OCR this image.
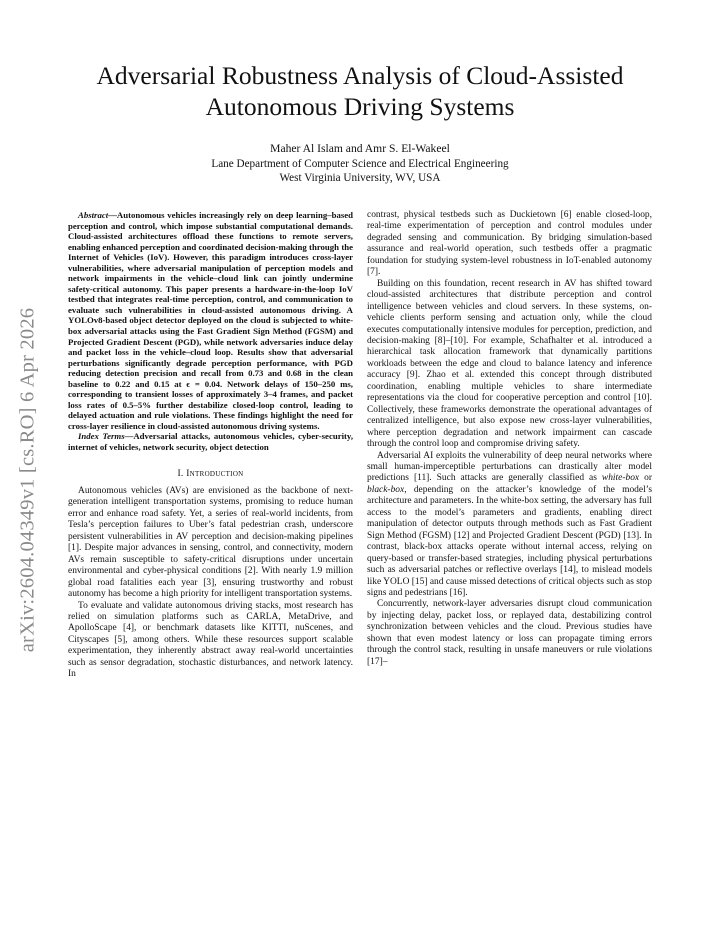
arXiv:2604.04349v1 [cs.RO] 6 Apr 2026
Adversarial Robustness Analysis of Cloud-Assisted
Autonomous Driving Systems
Maher Al Islam and Amr S. El-Wakeel
Lane Department of Computer Science and Electrical Engineering
West Virginia University, WV, USA

Abstract—Autonomous vehicles increasingly rely on deep learning–based perception and control, which impose substantial computational demands. Cloud-assisted architectures offload these functions to remote servers, enabling enhanced perception and coordinated decision-making through the Internet of Vehicles (IoV). However, this paradigm introduces cross-layer vulnerabilities, where adversarial manipulation of perception models and network impairments in the vehicle–cloud link can jointly undermine safety-critical autonomy. This paper presents a hardware-in-the-loop IoV testbed that integrates real-time perception, control, and communication to evaluate such vulnerabilities in cloud-assisted autonomous driving. A YOLOv8-based object detector deployed on the cloud is subjected to white-box adversarial attacks using the Fast Gradient Sign Method (FGSM) and Projected Gradient Descent (PGD), while network adversaries induce delay and packet loss in the vehicle–cloud loop. Results show that adversarial perturbations significantly degrade perception performance, with PGD reducing detection precision and recall from 0.73 and 0.68 in the clean baseline to 0.22 and 0.15 at ϵ = 0.04. Network delays of 150–250 ms, corresponding to transient losses of approximately 3–4 frames, and packet loss rates of 0.5–5% further destabilize closed-loop control, leading to delayed actuation and rule violations. These findings highlight the need for cross-layer resilience in cloud-assisted autonomous driving systems.

Index Terms—Adversarial attacks, autonomous vehicles, cyber-security, internet of vehicles, network security, object detection

I. Introduction

Autonomous vehicles (AVs) are envisioned as the backbone of next-generation intelligent transportation systems, promising to reduce human error and enhance road safety. Yet, a series of real-world incidents, from Tesla’s perception failures to Uber’s fatal pedestrian crash, underscore persistent vulnerabilities in AV perception and decision-making pipelines [1]. Despite major advances in sensing, control, and connectivity, modern AVs remain susceptible to safety-critical disruptions under uncertain environmental and cyber-physical conditions [2]. With nearly 1.9 million global road fatalities each year [3], ensuring trustworthy and robust autonomy has become a high priority for intelligent transportation systems.

To evaluate and validate autonomous driving stacks, most research has relied on simulation platforms such as CARLA, MetaDrive, and ApolloScape [4], or benchmark datasets like KITTI, nuScenes, and Cityscapes [5], among others. While these resources support scalable experimentation, they inherently abstract away real-world uncertainties such as sensor degradation, stochastic disturbances, and network latency. In

contrast, physical testbeds such as Duckietown [6] enable closed-loop, real-time experimentation of perception and control modules under degraded sensing and communication. By bridging simulation-based assurance and real-world operation, such testbeds offer a pragmatic foundation for studying system-level robustness in IoT-enabled autonomy [7].

Building on this foundation, recent research in AV has shifted toward cloud-assisted architectures that distribute perception and control intelligence between vehicles and cloud servers. In these systems, on-vehicle clients perform sensing and actuation only, while the cloud executes computationally intensive modules for perception, prediction, and decision-making [8]–[10]. For example, Schafhalter et al. introduced a hierarchical task allocation framework that dynamically partitions workloads between the edge and cloud to balance latency and inference accuracy [9]. Zhao et al. extended this concept through distributed coordination, enabling multiple vehicles to share intermediate representations via the cloud for cooperative perception and control [10]. Collectively, these frameworks demonstrate the operational advantages of centralized intelligence, but also expose new cross-layer vulnerabilities, where perception degradation and network impairment can cascade through the control loop and compromise driving safety.

Adversarial AI exploits the vulnerability of deep neural networks where small human-imperceptible perturbations can drastically alter model predictions [11]. Such attacks are generally classified as white-box or black-box, depending on the attacker’s knowledge of the model’s architecture and parameters. In the white-box setting, the adversary has full access to the model’s parameters and gradients, enabling direct manipulation of detector outputs through methods such as Fast Gradient Sign Method (FGSM) [12] and Projected Gradient Descent (PGD) [13]. In contrast, black-box attacks operate without internal access, relying on query-based or transfer-based strategies, including physical perturbations such as adversarial patches or reflective overlays [14], to mislead models like YOLO [15] and cause missed detections of critical objects such as stop signs and pedestrians [16].

Concurrently, network-layer adversaries disrupt cloud communication by injecting delay, packet loss, or replayed data, destabilizing control synchronization between vehicles and the cloud. Previous studies have shown that even modest latency or loss can propagate timing errors through the control stack, resulting in unsafe maneuvers or rule violations [17]–
